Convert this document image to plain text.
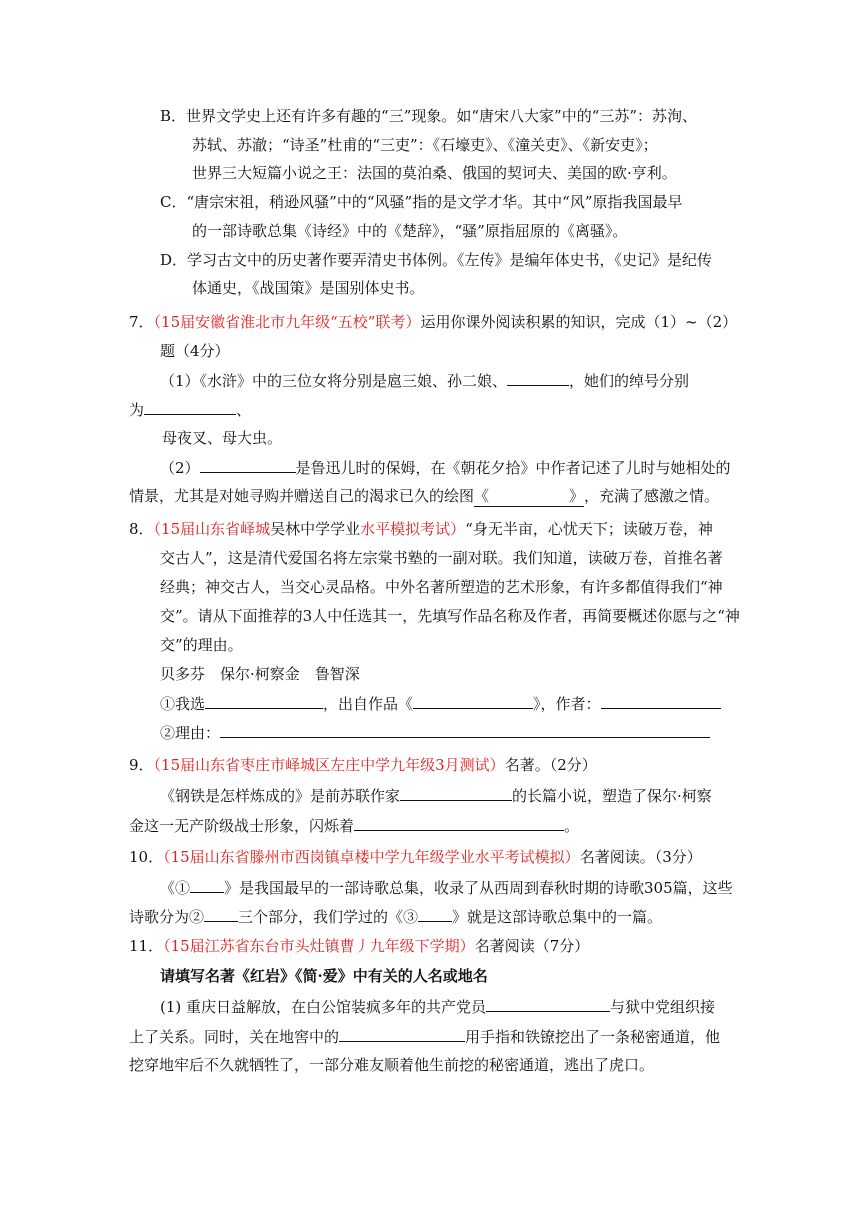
B．世界文学史上还有许多有趣的“三”现象。如“唐宋八大家”中的“三苏”：苏洵、
苏轼、苏澈；“诗圣”杜甫的“三吏”：《石壕吏》、《潼关吏》、《新安吏》；
世界三大短篇小说之王：法国的莫泊桑、俄国的契诃夫、美国的欧·亨利。
C．“唐宗宋祖，稍逊风骚”中的“风骚”指的是文学才华。其中“风”原指我国最早
的一部诗歌总集《诗经》中的《楚辞》，“骚”原指屈原的《离骚》。
D．学习古文中的历史著作要弄清史书体例。《左传》是编年体史书，《史记》是纪传
体通史，《战国策》是国别体史书。
7．（15届安徽省淮北市九年级“五校”联考）运用你课外阅读积累的知识，完成（1）~（2）
题（4分）
（1）《水浒》中的三位女将分别是扈三娘、孙二娘、	，她们的绰号分别
为	、
母夜叉、母大虫。
（2）	是鲁迅儿时的保姆，在《朝花夕拾》中作者记述了儿时与她相处的
情景，尤其是对她寻购并赠送自己的渴求已久的绘图《	》，充满了感激之情。
8．（15届山东省峄城吴林中学学业水平模拟考试）“身无半亩，心忧天下；读破万卷，神
交古人”，这是清代爱国名将左宗棠书塾的一副对联。我们知道，读破万卷，首推名著
经典；神交古人，当交心灵品格。中外名著所塑造的艺术形象，有许多都值得我们“神
交”。请从下面推荐的3人中任选其一，先填写作品名称及作者，再简要概述你愿与之“神
交”的理由。
贝多芬　保尔·柯察金　鲁智深
①我选	，出自作品《	》，作者：
②理由：
9．（15届山东省枣庄市峄城区左庄中学九年级3月测试）名著。（2分）
《钢铁是怎样炼成的》是前苏联作家	的长篇小说，塑造了保尔·柯察
金这一无产阶级战士形象，闪烁着	。
10．（15届山东省滕州市西岗镇卓楼中学九年级学业水平考试模拟）名著阅读。（3分）
《① 》是我国最早的一部诗歌总集，收录了从西周到春秋时期的诗歌305篇，这些
诗歌分为② 三个部分，我们学过的《③ 》就是这部诗歌总集中的一篇。
11．（15届江苏省东台市头灶镇曹丿九年级下学期）名著阅读（7分）
请填写名著《红岩》《简·爱》中有关的人名或地名
(1) 重庆日益解放，在白公馆装疯多年的共产党员	与狱中党组织接
上了关系。同时，关在地窖中的	用手指和铁镣挖出了一条秘密通道，他
挖穿地牢后不久就牺牲了，一部分难友顺着他生前挖的秘密通道，逃出了虎口。
